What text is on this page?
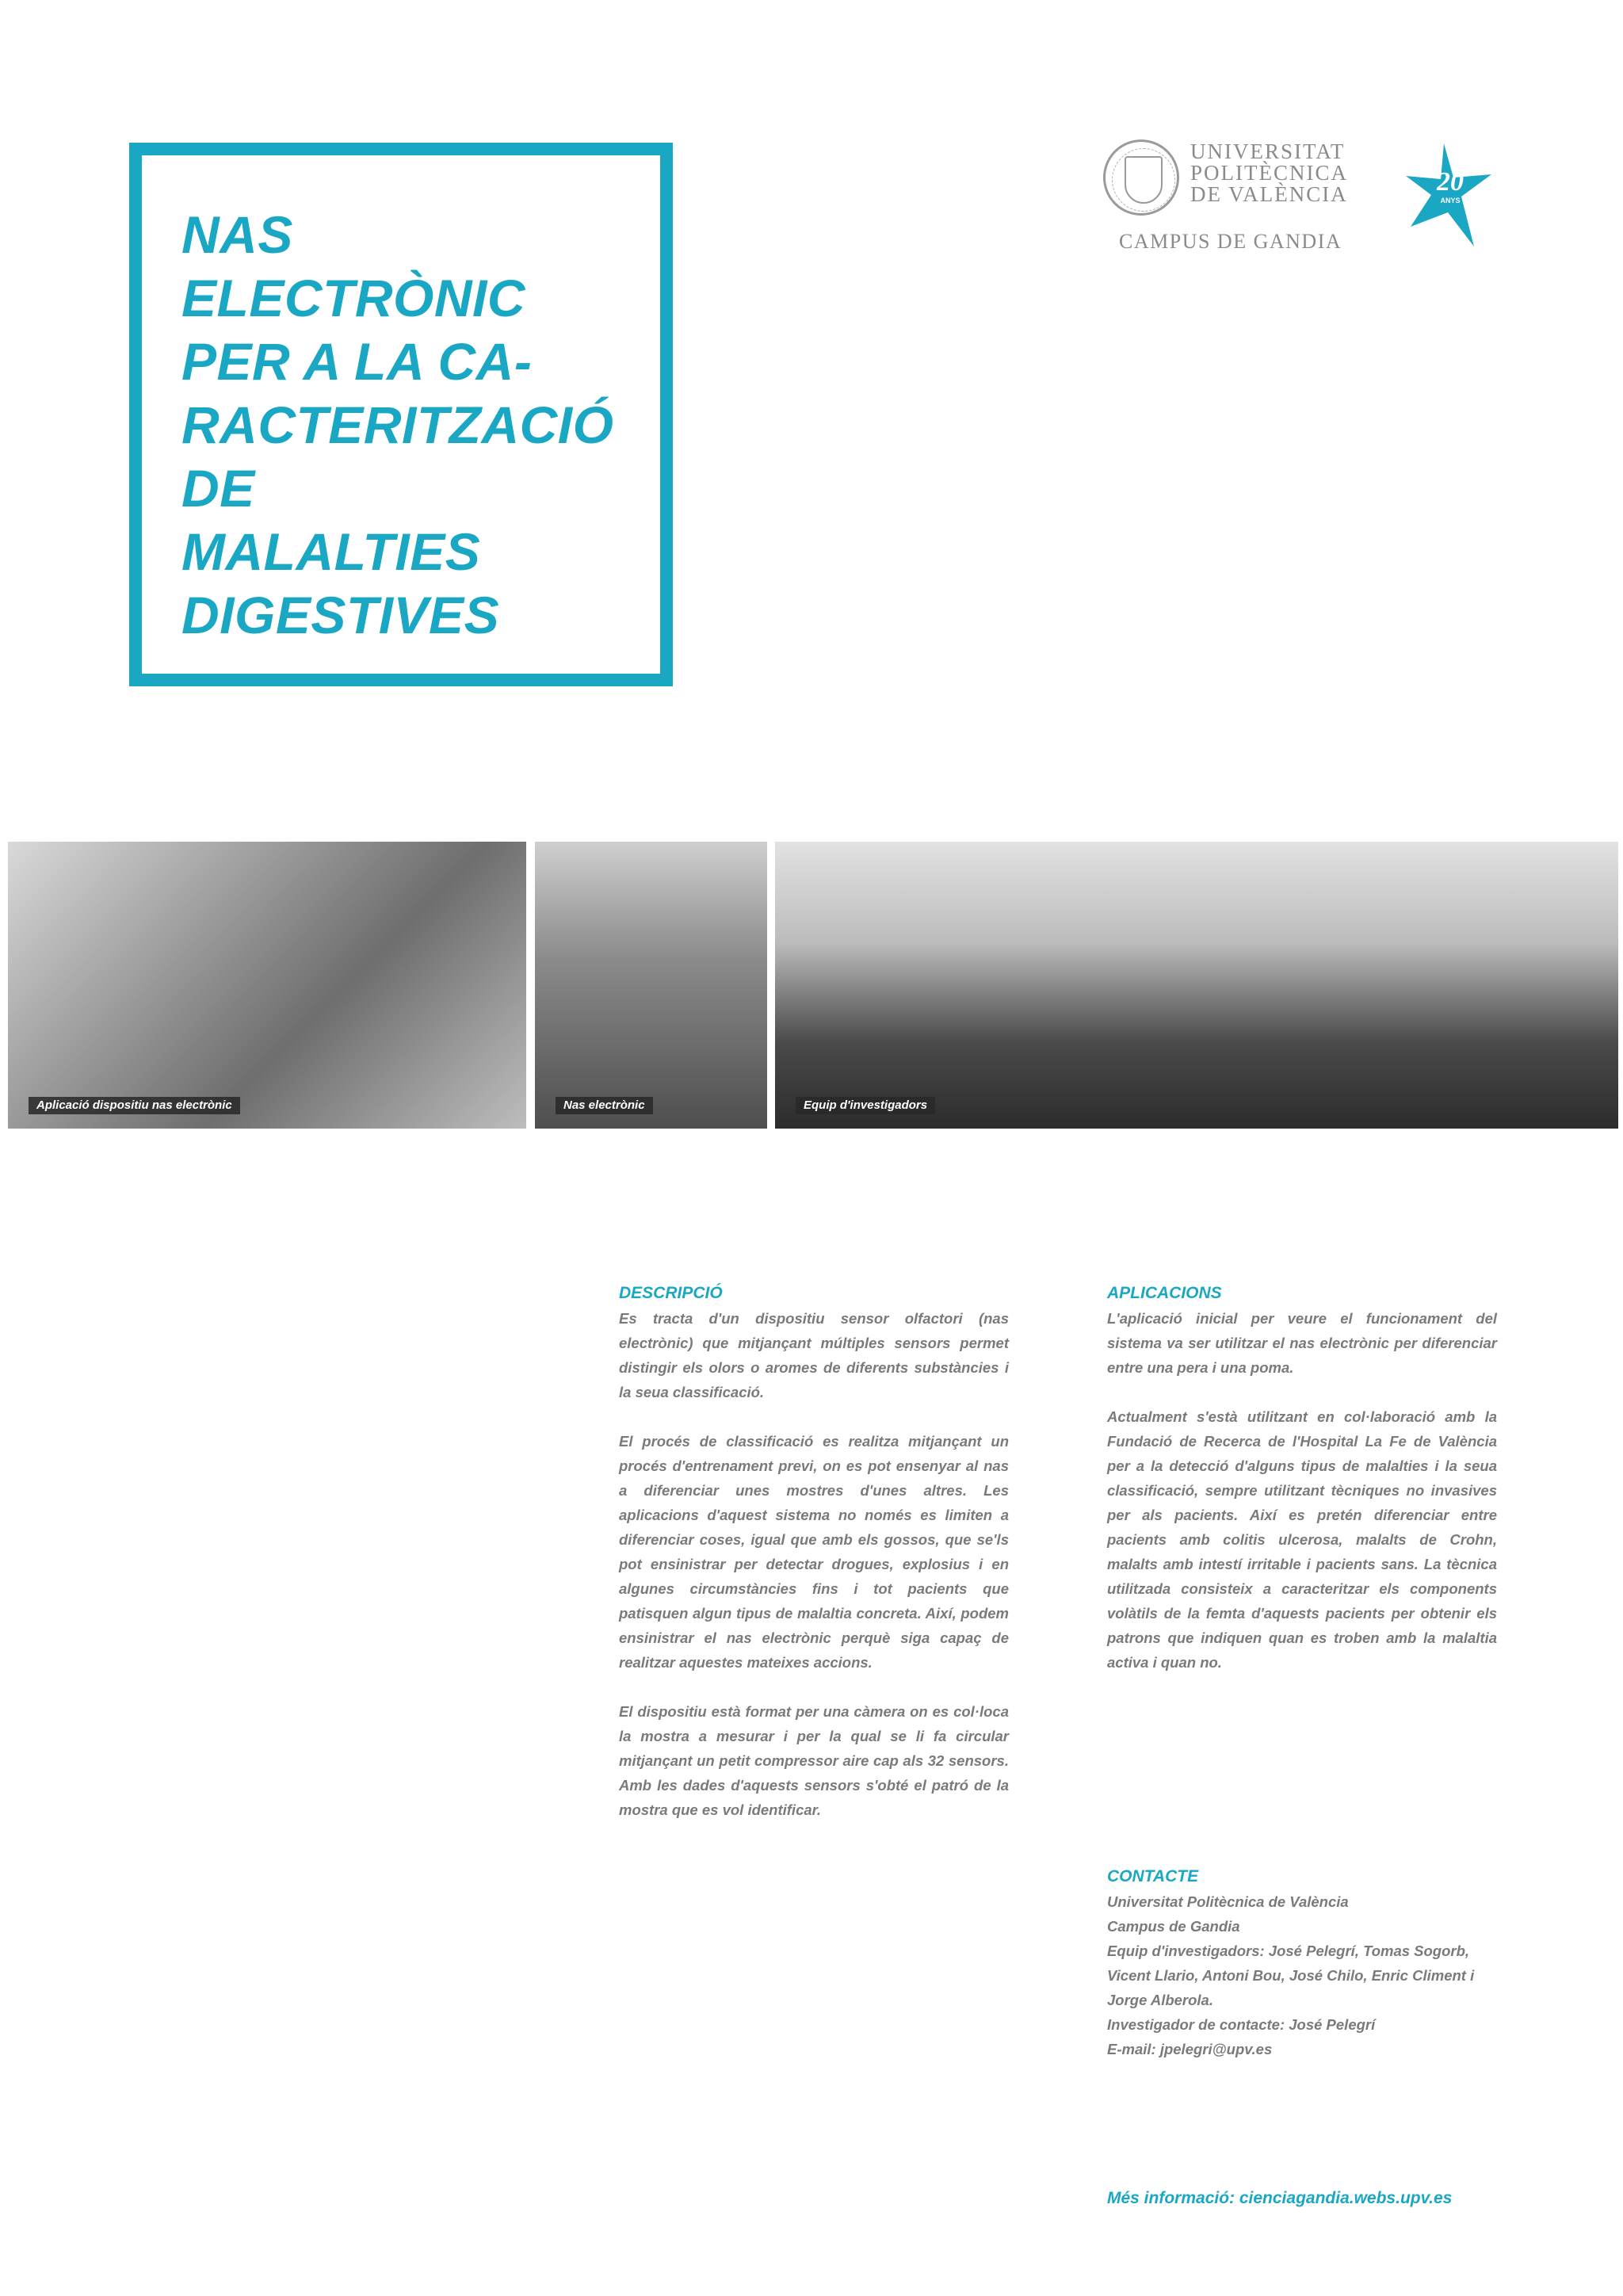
NAS
ELECTRÒNIC
PER A LA CA-
RACTERITZACIÓ
DE
MALALTIES
DIGESTIVES
UNIVERSITAT
POLITÈCNICA
DE VALÈNCIA
CAMPUS DE GANDIA
20
ANYS
Aplicació dispositiu nas electrònic	Nas electrònic	Equip d'investigadors
DESCRIPCIÓ

Es tracta d'un dispositiu sensor olfactori (nas electrònic) que mitjançant múltiples sensors permet distingir els olors o aromes de diferents substàncies i la seua classificació.

El procés de classificació es realitza mitjançant un procés d'entrenament previ, on es pot ensenyar al nas a diferenciar unes mostres d'unes altres. Les aplicacions d'aquest sistema no només es limiten a diferenciar coses, igual que amb els gossos, que se'ls pot ensinistrar per detectar drogues, explosius i en algunes circumstàncies fins i tot pacients que patisquen algun tipus de malaltia concreta. Així, podem ensinistrar el nas electrònic perquè siga capaç de realitzar aquestes mateixes accions.

El dispositiu està format per una càmera on es col·loca la mostra a mesurar i per la qual se li fa circular mitjançant un petit compressor aire cap als 32 sensors. Amb les dades d'aquests sensors s'obté el patró de la mostra que es vol identificar.

APLICACIONS

L'aplicació inicial per veure el funcionament del sistema va ser utilitzar el nas electrònic per diferenciar entre una pera i una poma.

Actualment s'està utilitzant en col·laboració amb la Fundació de Recerca de l'Hospital La Fe de València per a la detecció d'alguns tipus de malalties i la seua classificació, sempre utilitzant tècniques no invasives per als pacients. Així es pretén diferenciar entre pacients amb colitis ulcerosa, malalts de Crohn, malalts amb intestí irritable i pacients sans. La tècnica utilitzada consisteix a caracteritzar els components volàtils de la femta d'aquests pacients per obtenir els patrons que indiquen quan es troben amb la malaltia activa i quan no.

CONTACTE
Universitat Politècnica de València
Campus de Gandia
Equip d'investigadors: José Pelegrí, Tomas Sogorb, Vicent Llario, Antoni Bou, José Chilo, Enric Climent i Jorge Alberola.
Investigador de contacte: José Pelegrí
E-mail: jpelegri@upv.es
Més informació: cienciagandia.webs.upv.es
